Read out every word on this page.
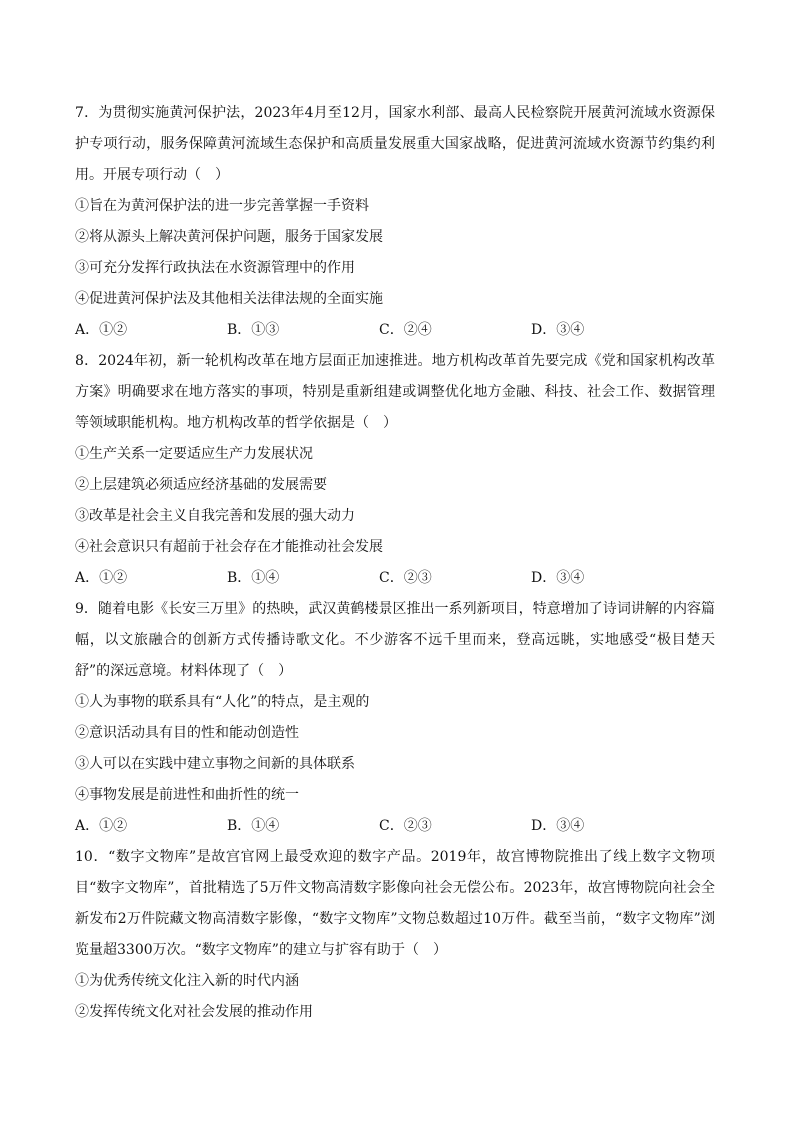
7．为贯彻实施黄河保护法，2023年4月至12月，国家水利部、最高人民检察院开展黄河流域水资源保护专项行动，服务保障黄河流域生态保护和高质量发展重大国家战略，促进黄河流域水资源节约集约利用。开展专项行动（　）

①旨在为黄河保护法的进一步完善掌握一手资料

②将从源头上解决黄河保护问题，服务于国家发展

③可充分发挥行政执法在水资源管理中的作用

④促进黄河保护法及其他相关法律法规的全面实施

A．①②	B．①③	C．②④	D．③④

8．2024年初，新一轮机构改革在地方层面正加速推进。地方机构改革首先要完成《党和国家机构改革方案》明确要求在地方落实的事项，特别是重新组建或调整优化地方金融、科技、社会工作、数据管理等领域职能机构。地方机构改革的哲学依据是（　）

①生产关系一定要适应生产力发展状况

②上层建筑必须适应经济基础的发展需要

③改革是社会主义自我完善和发展的强大动力

④社会意识只有超前于社会存在才能推动社会发展

A．①②	B．①④	C．②③	D．③④

9．随着电影《长安三万里》的热映，武汉黄鹤楼景区推出一系列新项目，特意增加了诗词讲解的内容篇幅，以文旅融合的创新方式传播诗歌文化。不少游客不远千里而来，登高远眺，实地感受“极目楚天舒”的深远意境。材料体现了（　）

①人为事物的联系具有“人化”的特点，是主观的

②意识活动具有目的性和能动创造性

③人可以在实践中建立事物之间新的具体联系

④事物发展是前进性和曲折性的统一

A．①②	B．①④	C．②③	D．③④

10．“数字文物库”是故宫官网上最受欢迎的数字产品。2019年，故宫博物院推出了线上数字文物项目“数字文物库”，首批精选了5万件文物高清数字影像向社会无偿公布。2023年，故宫博物院向社会全新发布2万件院藏文物高清数字影像，“数字文物库”文物总数超过10万件。截至当前，“数字文物库”浏览量超3300万次。“数字文物库”的建立与扩容有助于（　）

①为优秀传统文化注入新的时代内涵

②发挥传统文化对社会发展的推动作用
